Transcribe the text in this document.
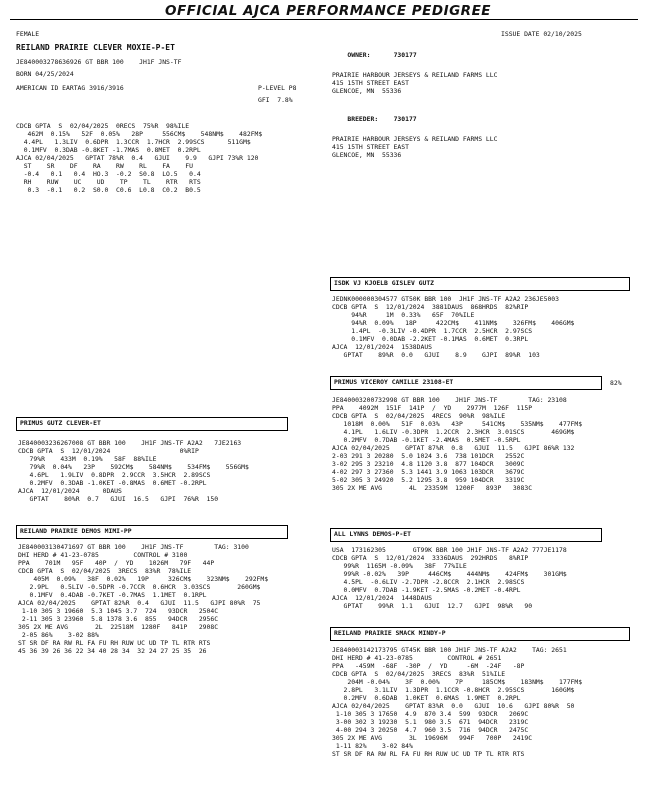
OFFICIAL AJCA PERFORMANCE PEDIGREE
FEMALE	ISSUE DATE 02/10/2025
REILAND PRAIRIE CLEVER MOXIE-P-ET
JE840003278636926 GT BBR 100    JH1F JNS-TF
BORN 04/25/2024
AMERICAN ID EARTAG 3916/3916	P-LEVEL P8
GFI  7.8%
CDCB GPTA  S  02/04/2025  0RECS  75%R  98%ILE
462M  0.15%   52F  0.05%   28P     556CM$    548NM$    482FM$
4.4PL   1.3LIV  0.6DPR  1.3CCR  1.7HCR  2.99SCS      511GM$
0.1MFV  0.3DAB -0.8KET -1.7MAS  0.8MET  0.2RPL
AJCA 02/04/2025   GPTAT 78%R  0.4   GJUI    9.9   GJPI 73%R 120
ST    SR    DF    RA    RW    RL    FA    FU
-0.4   0.1   0.4  HO.3  -0.2  S0.8  LO.5   0.4
RH    RUW    UC    UD    TP    TL    RTR   RTS
0.3  -0.1   0.2  S0.0  C0.6  L0.8  C0.2  B0.5

OWNER:	730177

PRAIRIE HARBOUR JERSEYS & REILAND FARMS LLC
415 15TH STREET EAST
GLENCOE, MN  55336

BREEDER: 730177

PRAIRIE HARBOUR JERSEYS & REILAND FARMS LLC
415 15TH STREET EAST
GLENCOE, MN  55336
ISDK VJ KJOELB GISLEV GUTZ
JEDNK000000304577 GT50K BBR 100  JH1F JNS-TF A2A2 236JE5003
CDCB GPTA  S  12/01/2024  3881DAUS  868HRDS  82%RIP
94%R     1M  0.33%   65F  70%ILE
94%R  0.09%   18P     422CM$    411NM$    326FM$    406GM$
1.4PL  -0.3LIV -0.4DPR  1.7CCR  2.5HCR  2.97SCS
0.1MFV  0.0DAB -2.2KET -0.1MAS  0.6MET  0.3RPL
AJCA  12/01/2024  1538DAUS
GPTAT    89%R  0.0   GJUI    8.9    GJPI  89%R  103
PRIMUS VICEROY CAMILLE 23108-ET	82%
JE840003200732998 GT BBR 100    JH1F JNS-TF        TAG: 23108
PPA    4092M  151F  141P  /  YD    2977M  126F  115P
CDCB GPTA  S  02/04/2025  4RECS  90%R  98%ILE
1018M  0.00%   51F  0.03%   43P     541CM$    535NM$    477FM$
4.1PL   1.6LIV -0.3DPR  1.2CCR  2.3HCR  3.01SCS       469GM$
0.2MFV  0.7DAB -0.1KET -2.4MAS  0.5MET -0.5RPL
AJCA 02/04/2025    GPTAT 87%R  0.8   GJUI  11.5   GJPI 86%R 132
2-03 291 3 20280  5.0 1024 3.6  738 101DCR   2552C
3-02 295 3 23210  4.8 1120 3.8  877 104DCR   3009C
4-02 297 3 27360  5.3 1441 3.9 1063 103DCR   3679C
5-02 305 3 24920  5.2 1295 3.8  959 104DCR   3319C
305 2X ME AVG       4L  23359M  1200F   893P   3083C
ALL LYNNS DEMOS-P-ET
USA  173162305       GT99K BBR 100 JH1F JNS-TF A2A2 777JE1178
CDCB GPTA  S  12/01/2024  3336DAUS  292HRDS   8%RIP
99%R  1165M -0.09%   38F  77%ILE
99%R -0.02%   39P     446CM$    444NM$    424FM$    301GM$
4.5PL  -0.6LIV -2.7DPR -2.8CCR  2.1HCR  2.98SCS
0.0MFV  0.7DAB -1.9KET -2.5MAS -0.2MET -0.4RPL
AJCA  12/01/2024  1448DAUS
GPTAT    99%R  1.1   GJUI  12.7   GJPI  98%R   90
PRIMUS GUTZ CLEVER-ET
JE840003236267008 GT BBR 100    JH1F JNS-TF A2A2   7JE2163
CDCB GPTA  S  12/01/2024                  0%RIP
79%R    433M  0.19%   58F  88%ILE
79%R  0.04%   23P    592CM$    584NM$    534FM$    556GM$
4.6PL   1.9LIV  0.8DPR  2.9CCR  3.5HCR  2.89SCS
0.2MFV  0.3DAB -1.0KET -0.8MAS  0.6MET -0.2RPL
AJCA  12/01/2024      0DAUS
GPTAT    80%R  0.7   GJUI  16.5   GJPI  76%R  150
REILAND PRAIRIE DEMOS MIMI-PP
JE840003130471697 GT BBR 100    JH1F JNS-TF        TAG: 3100
DHI HERD # 41-23-0785         CONTROL # 3100
PPA    701M   95F   40P  /  YD    1026M   79F   44P
CDCB GPTA  S  02/04/2025  3RECS  83%R  78%ILE
405M  0.09%   38F  0.02%   19P     326CM$    323NM$    292FM$
2.9PL   0.5LIV -0.5DPR -0.7CCR  0.6HCR  3.03SCS       260GM$
0.1MFV  0.4DAB -0.7KET -0.7MAS  1.1MET  0.1RPL
AJCA 02/04/2025    GPTAT 82%R  0.4   GJUI  11.5   GJPI 80%R  75
1-10 305 3 19660  5.3 1045 3.7  724   93DCR   2504C
2-11 305 3 23960  5.8 1378 3.6  855   94DCR   2956C
305 2X ME AVG       2L  22518M  1280F   841P   2908C
2-05 86%    3-02 88%
ST SR DF RA RW RL FA FU RH RUW UC UD TP TL RTR RTS
45 36 39 26 36 22 34 40 28 34  32 24 27 25 35  26
REILAND PRAIRIE SMACK MINDY-P
JE840003142173795 GT45K BBR 100 JH1F JNS-TF A2A2    TAG: 2651
DHI HERD # 41-23-0785         CONTROL # 2651
PPA   -459M  -68F  -30P  /  YD     -6M  -24F   -8P
CDCB GPTA  S  02/04/2025  3RECS  83%R  51%ILE
204M -0.04%    3F  0.00%    7P     185CM$    183NM$    177FM$
2.8PL   3.1LIV  1.3DPR  1.1CCR -0.8HCR  2.95SCS       160GM$
0.2MFV  0.6DAB  1.0KET  0.6MAS  1.9MET  0.2RPL
AJCA 02/04/2025    GPTAT 83%R  0.0   GJUI  10.6   GJPI 80%R  50
1-10 305 3 17650  4.9  870 3.4  599  93DCR   2069C
3-00 302 3 19230  5.1  980 3.5  671  94DCR   2319C
4-00 294 3 20250  4.7  960 3.5  716  94DCR   2475C
305 2X ME AVG       3L  19696M   994F   700P   2419C
1-11 82%    3-02 84%
ST SR DF RA RW RL FA FU RH RUW UC UD TP TL RTR RTS
